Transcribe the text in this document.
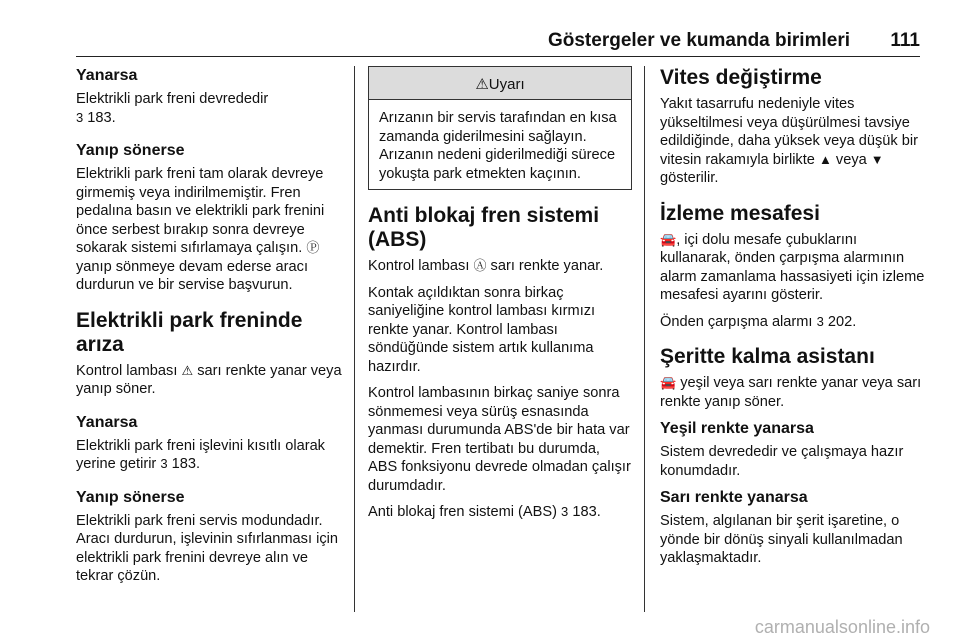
Göstergeler ve kumanda birimleri 111
Yanarsa

Elektrikli park freni devrededir
3 183.

Yanıp sönerse

Elektrikli park freni tam olarak devreye girmemiş veya indirilmemiştir. Fren pedalına basın ve elektrikli park frenini önce serbest bırakıp sonra devreye sokarak sistemi sıfırlamaya çalışın. Ⓟ yanıp sönmeye devam ederse aracı durdurun ve bir servise başvurun.

Elektrikli park freninde arıza

Kontrol lambası ⚠ sarı renkte yanar veya yanıp söner.

Yanarsa

Elektrikli park freni işlevini kısıtlı olarak yerine getirir 3 183.

Yanıp sönerse

Elektrikli park freni servis modundadır. Aracı durdurun, işlevinin sıfırlanması için elektrikli park frenini devreye alın ve tekrar çözün.

⚠Uyarı

Arızanın bir servis tarafından en kısa zamanda giderilmesini sağlayın. Arızanın nedeni giderilmediği sürece yokuşta park etmekten kaçının.

Anti blokaj fren sistemi (ABS)

Kontrol lambası Ⓐ sarı renkte yanar.

Kontak açıldıktan sonra birkaç saniyeliğine kontrol lambası kırmızı renkte yanar. Kontrol lambası söndüğünde sistem artık kullanıma hazırdır.

Kontrol lambasının birkaç saniye sonra sönmemesi veya sürüş esnasında yanması durumunda ABS'de bir hata var demektir. Fren tertibatı bu durumda, ABS fonksiyonu devrede olmadan çalışır durumdadır.

Anti blokaj fren sistemi (ABS) 3 183.

Vites değiştirme

Yakıt tasarrufu nedeniyle vites yükseltilmesi veya düşürülmesi tavsiye edildiğinde, daha yüksek veya düşük bir vitesin rakamıyla birlikte ▲ veya ▼ gösterilir.

İzleme mesafesi

🚘, içi dolu mesafe çubuklarını kullanarak, önden çarpışma alarmının alarm zamanlama hassasiyeti için izleme mesafesi ayarını gösterir.

Önden çarpışma alarmı 3 202.

Şeritte kalma asistanı

🚘 yeşil veya sarı renkte yanar veya sarı renkte yanıp söner.

Yeşil renkte yanarsa

Sistem devrededir ve çalışmaya hazır konumdadır.

Sarı renkte yanarsa

Sistem, algılanan bir şerit işaretine, o yönde bir dönüş sinyali kullanılmadan yaklaşmaktadır.

carmanualsonline.info
